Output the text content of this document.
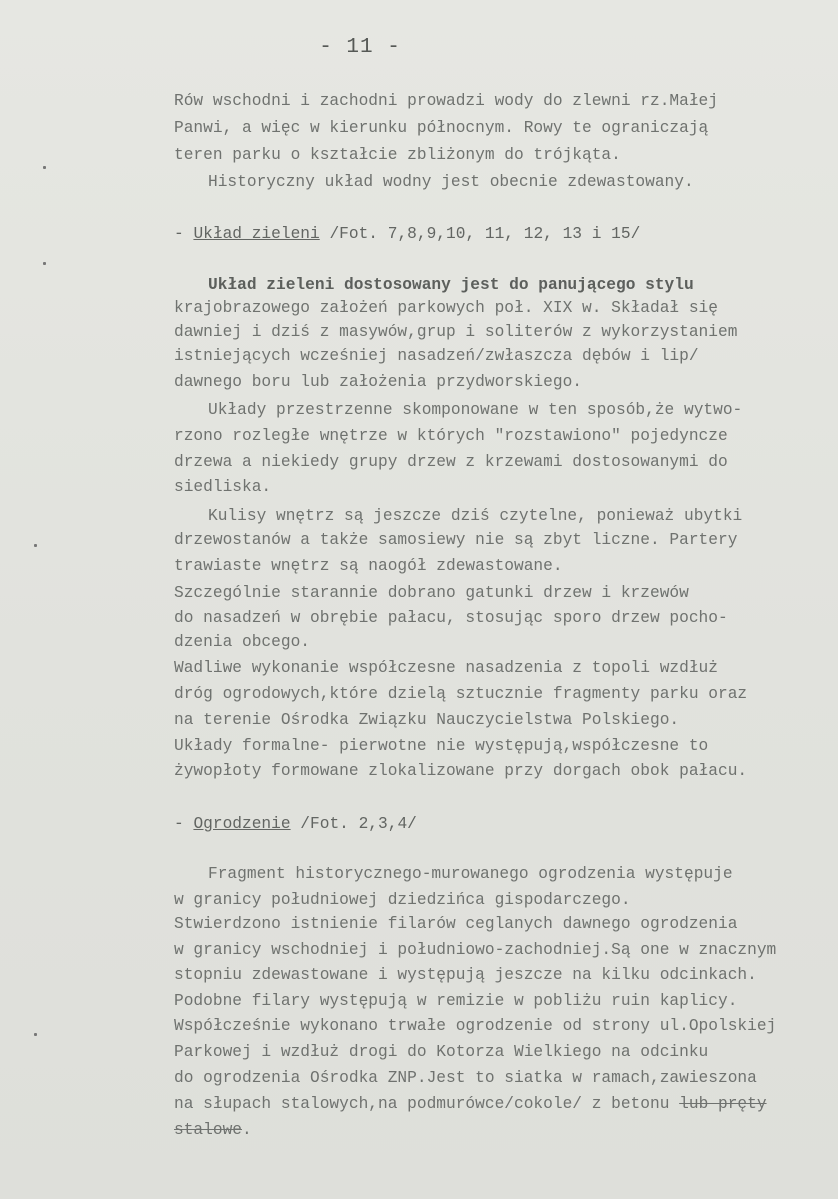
- 11 -
Rów wschodni i zachodni prowadzi wody do zlewni rz.Małej
Panwi, a więc w kierunku północnym. Rowy te ograniczają
teren parku o kształcie zbliżonym do trójkąta.
Historyczny układ wodny jest obecnie zdewastowany.
- Układ zieleni /Fot. 7,8,9,10, 11, 12, 13 i 15/
Układ zieleni dostosowany jest do panującego stylu
krajobrazowego założeń parkowych poł. XIX w. Składał się
dawniej i dziś z masywów,grup i soliterów z wykorzystaniem
istniejących wcześniej nasadzeń/zwłaszcza dębów i lip/
dawnego boru lub założenia przydworskiego.
Układy przestrzenne skomponowane w ten sposób,że wytwo-
rzono rozległe wnętrze w których "rozstawiono" pojedyncze
drzewa a niekiedy grupy drzew z krzewami dostosowanymi do
siedliska.
Kulisy wnętrz są jeszcze dziś czytelne, ponieważ ubytki
drzewostanów a także samosiewy nie są zbyt liczne. Partery
trawiaste wnętrz są naogół zdewastowane.
Szczególnie starannie dobrano gatunki drzew i krzewów
do nasadzeń w obrębie pałacu, stosując sporo drzew pocho-
dzenia obcego.
Wadliwe wykonanie współczesne nasadzenia z topoli wzdłuż
dróg ogrodowych,które dzielą sztucznie fragmenty parku oraz
na terenie Ośrodka Związku Nauczycielstwa Polskiego.
Układy formalne- pierwotne nie występują,współczesne to
żywopłoty formowane zlokalizowane przy dorgach obok pałacu.
- Ogrodzenie /Fot. 2,3,4/
Fragment historycznego-murowanego ogrodzenia występuje
w granicy południowej dziedzińca gispodarczego.
Stwierdzono istnienie filarów ceglanych dawnego ogrodzenia
w granicy wschodniej i południowo-zachodniej.Są one w znacznym
stopniu zdewastowane i występują jeszcze na kilku odcinkach.
Podobne filary występują w remizie w pobliżu ruin kaplicy.
Współcześnie wykonano trwałe ogrodzenie od strony ul.Opolskiej
Parkowej i wzdłuż drogi do Kotorza Wielkiego na odcinku
do ogrodzenia Ośrodka ZNP.Jest to siatka w ramach,zawieszona
na słupach stalowych,na podmurówce/cokole/ z betonu lub pręty
stalowe.
